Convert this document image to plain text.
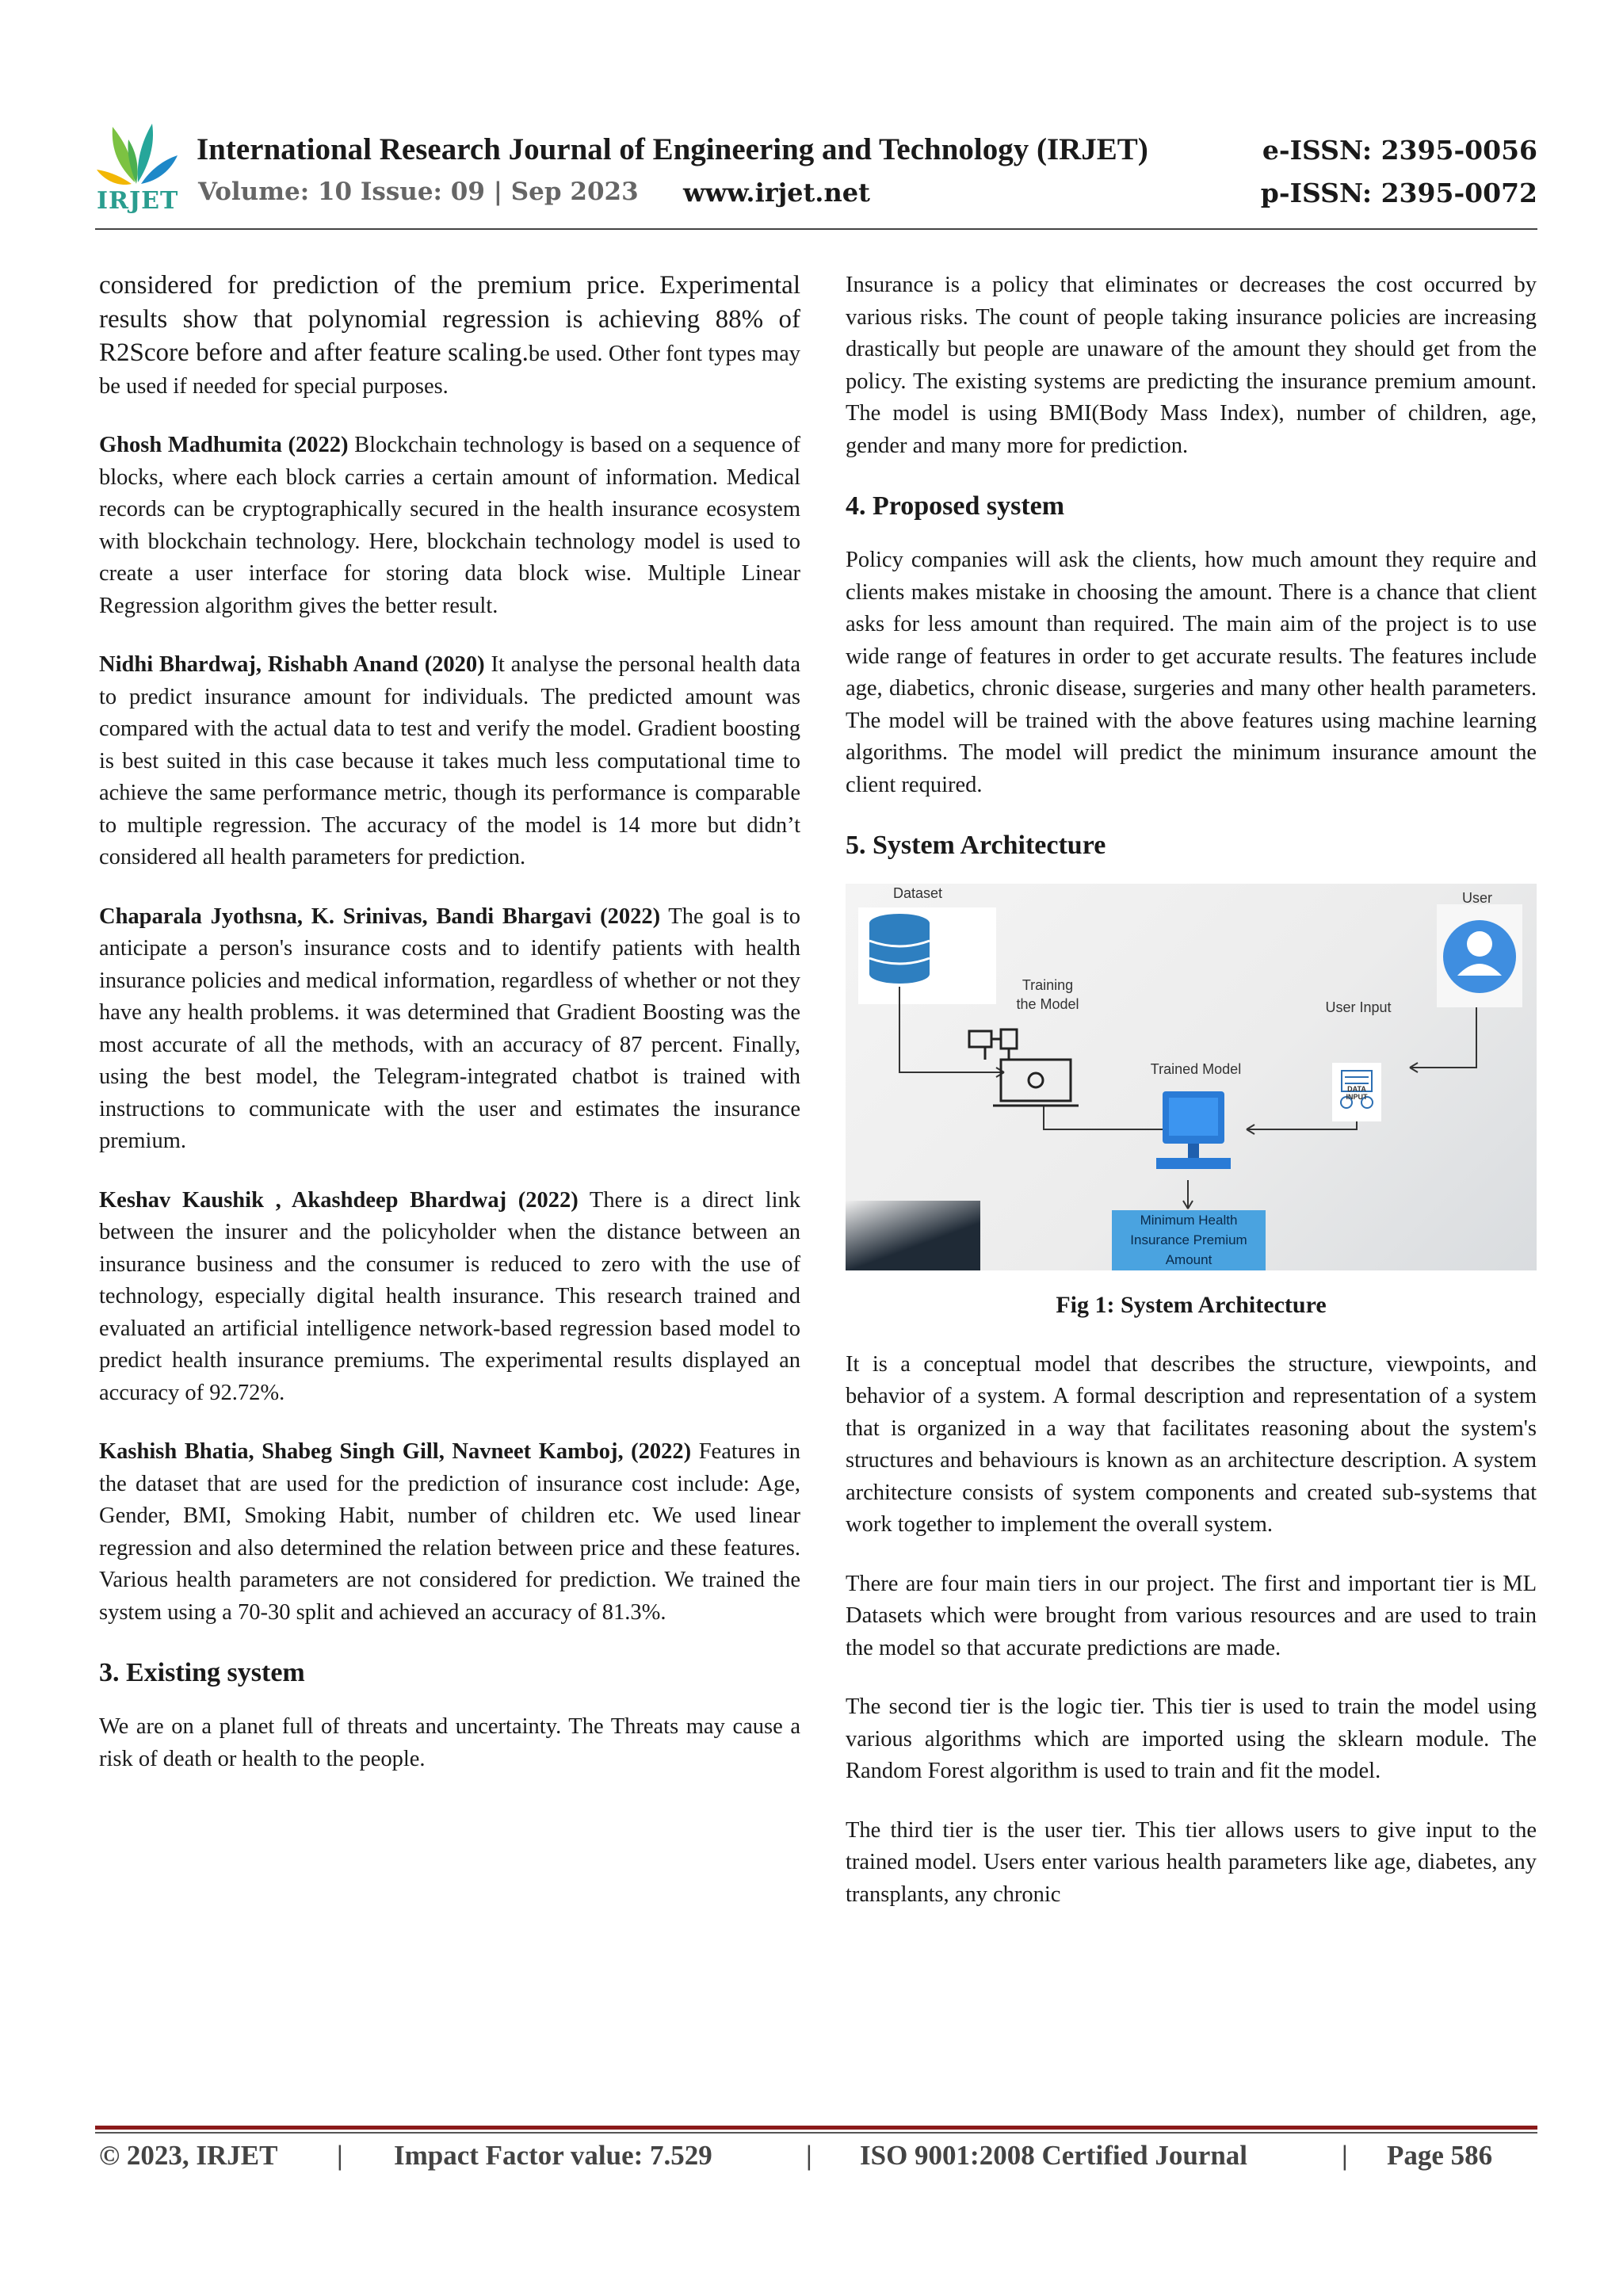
IRJET
International Research Journal of Engineering and Technology (IRJET)	e-ISSN: 2395-0056
Volume: 10 Issue: 09 | Sep 2023 www.irjet.net	p-ISSN: 2395-0072

considered for prediction of the premium price. Experimental results show that polynomial regression is achieving 88% of R2Score before and after feature scaling.be used. Other font types may be used if needed for special purposes.

Ghosh Madhumita (2022) Blockchain technology is based on a sequence of blocks, where each block carries a certain amount of information. Medical records can be cryptographically secured in the health insurance ecosystem with blockchain technology. Here, blockchain technology model is used to create a user interface for storing data block wise. Multiple Linear Regression algorithm gives the better result.

Nidhi Bhardwaj, Rishabh Anand (2020) It analyse the personal health data to predict insurance amount for individuals. The predicted amount was compared with the actual data to test and verify the model. Gradient boosting is best suited in this case because it takes much less computational time to achieve the same performance metric, though its performance is comparable to multiple regression. The accuracy of the model is 14 more but didn’t considered all health parameters for prediction.

Chaparala Jyothsna, K. Srinivas, Bandi Bhargavi (2022) The goal is to anticipate a person's insurance costs and to identify patients with health insurance policies and medical information, regardless of whether or not they have any health problems. it was determined that Gradient Boosting was the most accurate of all the methods, with an accuracy of 87 percent. Finally, using the best model, the Telegram-integrated chatbot is trained with instructions to communicate with the user and estimates the insurance premium.

Keshav Kaushik , Akashdeep Bhardwaj (2022) There is a direct link between the insurer and the policyholder when the distance between an insurance business and the consumer is reduced to zero with the use of technology, especially digital health insurance. This research trained and evaluated an artificial intelligence network-based regression based model to predict health insurance premiums. The experimental results displayed an accuracy of 92.72%.

Kashish Bhatia, Shabeg Singh Gill, Navneet Kamboj, (2022) Features in the dataset that are used for the prediction of insurance cost include: Age, Gender, BMI, Smoking Habit, number of children etc. We used linear regression and also determined the relation between price and these features. Various health parameters are not considered for prediction. We trained the system using a 70-30 split and achieved an accuracy of 81.3%.

3. Existing system

We are on a planet full of threats and uncertainty. The Threats may cause a risk of death or health to the people.

Insurance is a policy that eliminates or decreases the cost occurred by various risks. The count of people taking insurance policies are increasing drastically but people are unaware of the amount they should get from the policy. The existing systems are predicting the insurance premium amount. The model is using BMI(Body Mass Index), number of children, age, gender and many more for prediction.

4. Proposed system

Policy companies will ask the clients, how much amount they require and clients makes mistake in choosing the amount. There is a chance that client asks for less amount than required. The main aim of the project is to use wide range of features in order to get accurate results. The features include age, diabetics, chronic disease, surgeries and many other health parameters. The model will be trained with the above features using machine learning algorithms. The model will predict the minimum insurance amount the client required.

5. System Architecture
Dataset
Training
the Model
Trained Model
User
User Input
DATA
INPUT
Minimum Health
Insurance Premium
Amount
Fig 1: System Architecture

It is a conceptual model that describes the structure, viewpoints, and behavior of a system. A formal description and representation of a system that is organized in a way that facilitates reasoning about the system's structures and behaviours is known as an architecture description. A system architecture consists of system components and created sub-systems that work together to implement the overall system.

There are four main tiers in our project. The first and important tier is ML Datasets which were brought from various resources and are used to train the model so that accurate predictions are made.

The second tier is the logic tier. This tier is used to train the model using various algorithms which are imported using the sklearn module. The Random Forest algorithm is used to train and fit the model.

The third tier is the user tier. This tier allows users to give input to the trained model. Users enter various health parameters like age, diabetes, any transplants, any chronic

© 2023, IRJET | Impact Factor value: 7.529	| ISO 9001:2008 Certified Journal	| Page 586
